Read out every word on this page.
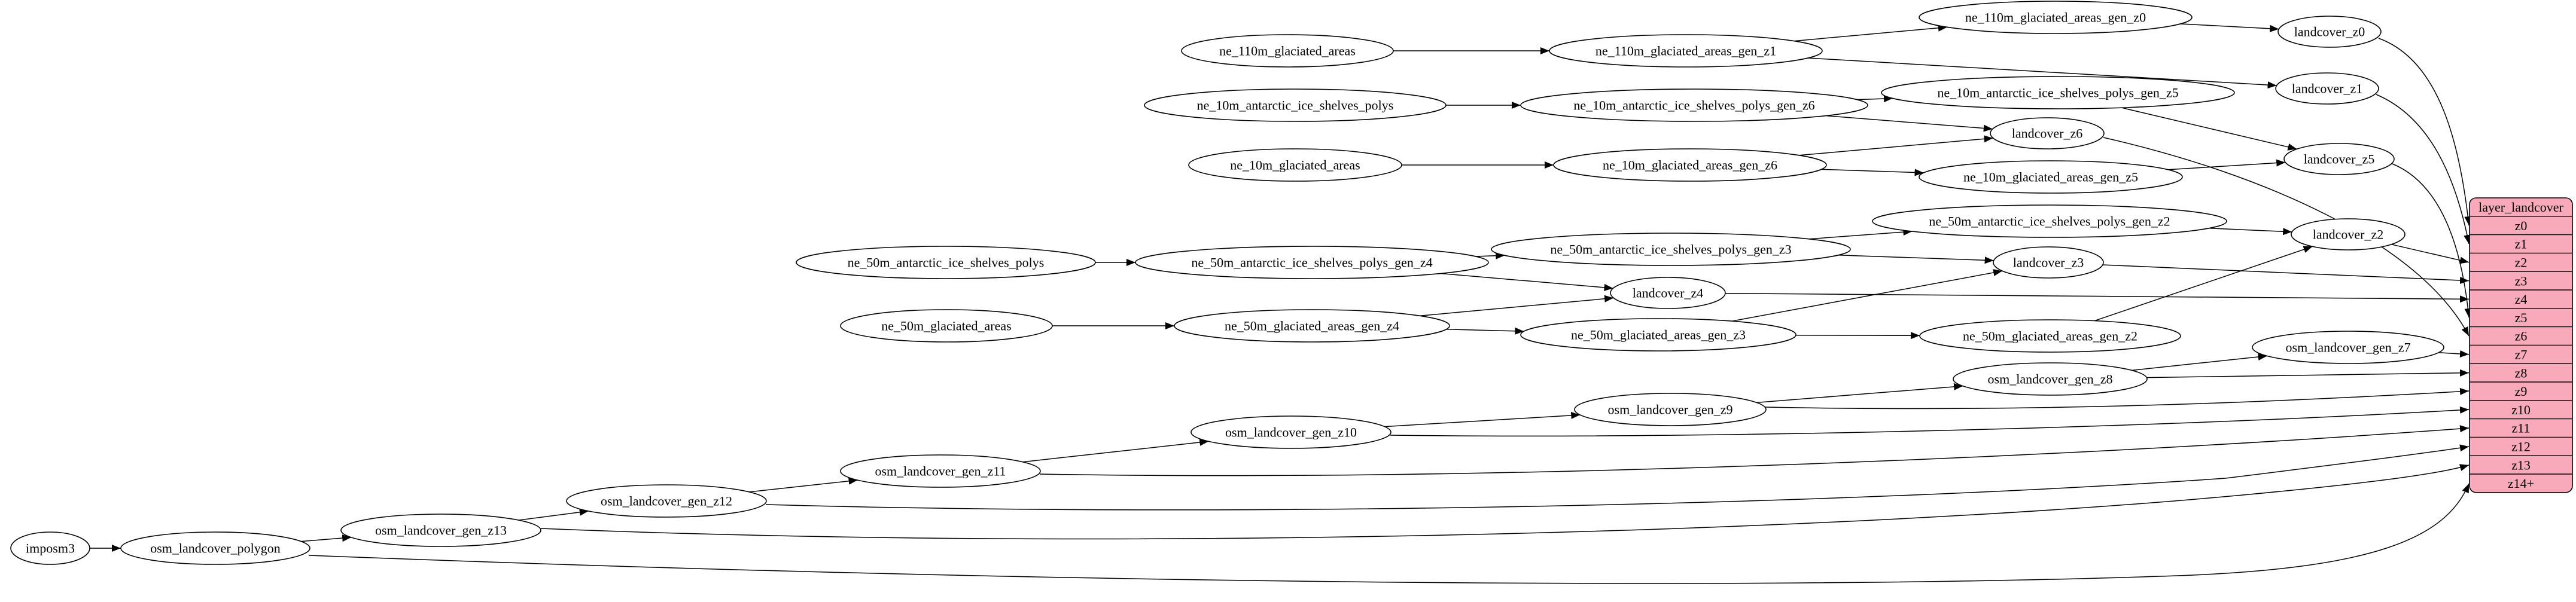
imposm3	osm_landcover_polygon
osm_landcover_gen_z13
osm_landcover_gen_z12
osm_landcover_gen_z11
osm_landcover_gen_z10
osm_landcover_gen_z9
osm_landcover_gen_z8
osm_landcover_gen_z7
ne_110m_glaciated_areas	ne_110m_glaciated_areas_gen_z1
ne_110m_glaciated_areas_gen_z0
landcover_z0
landcover_z1
ne_10m_antarctic_ice_shelves_polys	ne_10m_antarctic_ice_shelves_polys_gen_z6
ne_10m_antarctic_ice_shelves_polys_gen_z5
landcover_z6
ne_10m_glaciated_areas	ne_10m_glaciated_areas_gen_z6
ne_10m_glaciated_areas_gen_z5
landcover_z5
ne_50m_antarctic_ice_shelves_polys	ne_50m_antarctic_ice_shelves_polys_gen_z4
ne_50m_antarctic_ice_shelves_polys_gen_z3
ne_50m_antarctic_ice_shelves_polys_gen_z2
landcover_z2
landcover_z3
landcover_z4
ne_50m_glaciated_areas	ne_50m_glaciated_areas_gen_z4
ne_50m_glaciated_areas_gen_z3	ne_50m_glaciated_areas_gen_z2
layer_landcover
z0
z1
z2
z3
z4
z5
z6
z7
z8
z9
z10
z11
z12
z13
z14+
